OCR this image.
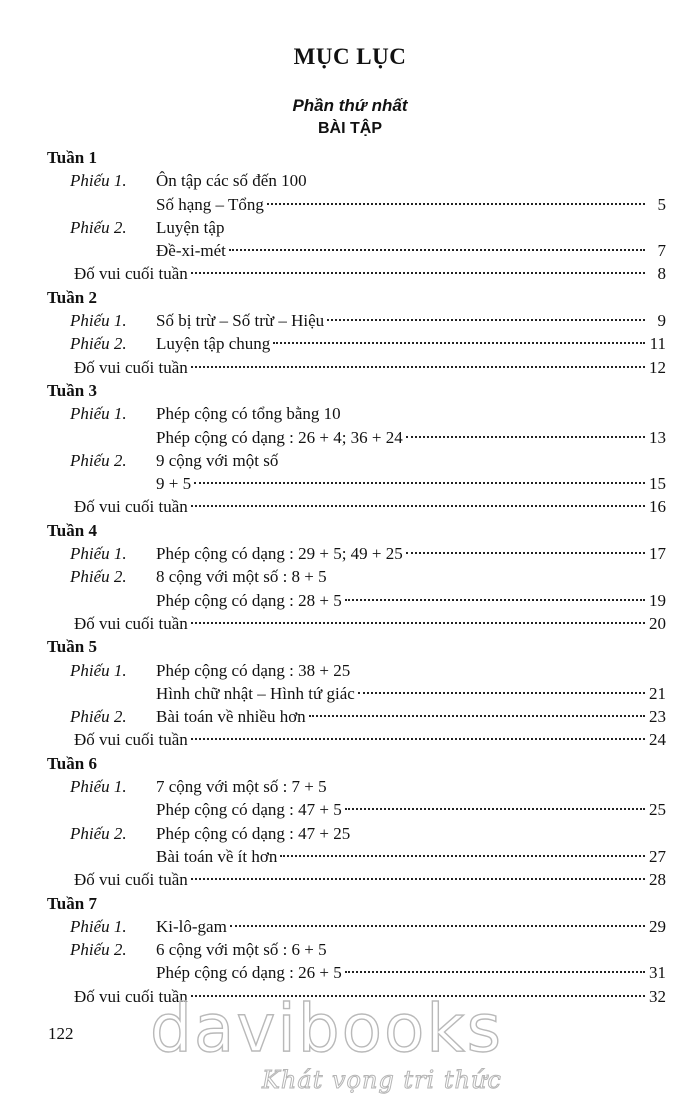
MỤC LỤC
Phần thứ nhất
BÀI TẬP
Tuần 1
Phiếu 1. Ôn tập các số đến 100
Số hạng – Tổng	5
Phiếu 2. Luyện tập
Đề-xi-mét	7
Đố vui cuối tuần	8
Tuần 2
Phiếu 1. Số bị trừ – Số trừ – Hiệu	9
Phiếu 2. Luyện tập chung	11
Đố vui cuối tuần	12
Tuần 3
Phiếu 1. Phép cộng có tổng bằng 10
Phép cộng có dạng : 26 + 4; 36 + 24	13
Phiếu 2. 9 cộng với một số
9 + 5	15
Đố vui cuối tuần	16
Tuần 4
Phiếu 1. Phép cộng có dạng : 29 + 5; 49 + 25	17
Phiếu 2. 8 cộng với một số : 8 + 5
Phép cộng có dạng : 28 + 5	19
Đố vui cuối tuần	20
Tuần 5
Phiếu 1. Phép cộng có dạng : 38 + 25
Hình chữ nhật – Hình tứ giác	21
Phiếu 2. Bài toán về nhiều hơn	23
Đố vui cuối tuần	24
Tuần 6
Phiếu 1. 7 cộng với một số : 7 + 5
Phép cộng có dạng : 47 + 5	25
Phiếu 2. Phép cộng có dạng : 47 + 25
Bài toán về ít hơn	27
Đố vui cuối tuần	28
Tuần 7
Phiếu 1. Ki-lô-gam	29
Phiếu 2. 6 cộng với một số : 6 + 5
Phép cộng có dạng : 26 + 5	31
Đố vui cuối tuần	32
122 davibooks
Khát vọng tri thức
